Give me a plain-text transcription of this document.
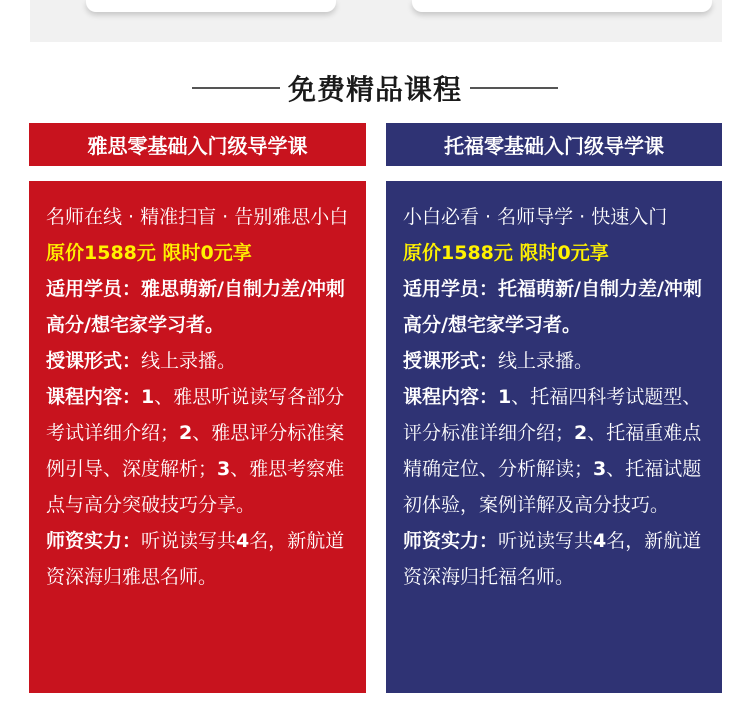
免费精品课程
雅思零基础入门级导学课

名师在线 · 精准扫盲 · 告别雅思小白

原价1588元 限时0元享

适用学员：雅思萌新/自制力差/冲刺高分/想宅家学习者。

授课形式：线上录播。

课程内容：1、雅思听说读写各部分考试详细介绍；2、雅思评分标准案例引导、深度解析；3、雅思考察难点与高分突破技巧分享。

师资实力：听说读写共4名，新航道资深海归雅思名师。

托福零基础入门级导学课

小白必看 · 名师导学 · 快速入门

原价1588元 限时0元享

适用学员：托福萌新/自制力差/冲刺高分/想宅家学习者。

授课形式：线上录播。

课程内容：1、托福四科考试题型、评分标准详细介绍；2、托福重难点精确定位、分析解读；3、托福试题初体验，案例详解及高分技巧。

师资实力：听说读写共4名，新航道资深海归托福名师。
